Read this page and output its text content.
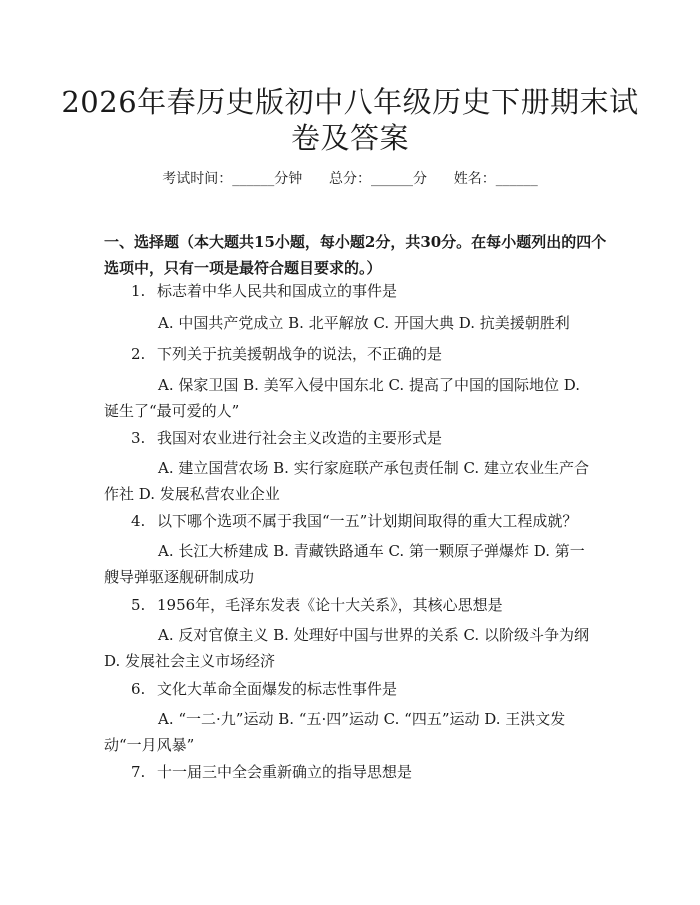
2026年春历史版初中八年级历史下册期末试卷及答案
考试时间：______分钟      总分：______分      姓名：______

一、选择题（本大题共15小题，每小题2分，共30分。在每小题列出的四个选项中，只有一项是最符合题目要求的。）

1. 标志着中华人民共和国成立的事件是

A. 中国共产党成立 B. 北平解放 C. 开国大典 D. 抗美援朝胜利

2. 下列关于抗美援朝战争的说法，不正确的是

A. 保家卫国 B. 美军入侵中国东北 C. 提高了中国的国际地位 D. 诞生了“最可爱的人”

3. 我国对农业进行社会主义改造的主要形式是

A. 建立国营农场 B. 实行家庭联产承包责任制 C. 建立农业生产合作社 D. 发展私营农业企业

4. 以下哪个选项不属于我国“一五”计划期间取得的重大工程成就？

A. 长江大桥建成 B. 青藏铁路通车 C. 第一颗原子弹爆炸 D. 第一艘导弹驱逐舰研制成功

5. 1956年，毛泽东发表《论十大关系》，其核心思想是

A. 反对官僚主义 B. 处理好中国与世界的关系 C. 以阶级斗争为纲 D. 发展社会主义市场经济

6. 文化大革命全面爆发的标志性事件是

A. “一二·九”运动 B. “五·四”运动 C. “四五”运动 D. 王洪文发动“一月风暴”

7. 十一届三中全会重新确立的指导思想是
